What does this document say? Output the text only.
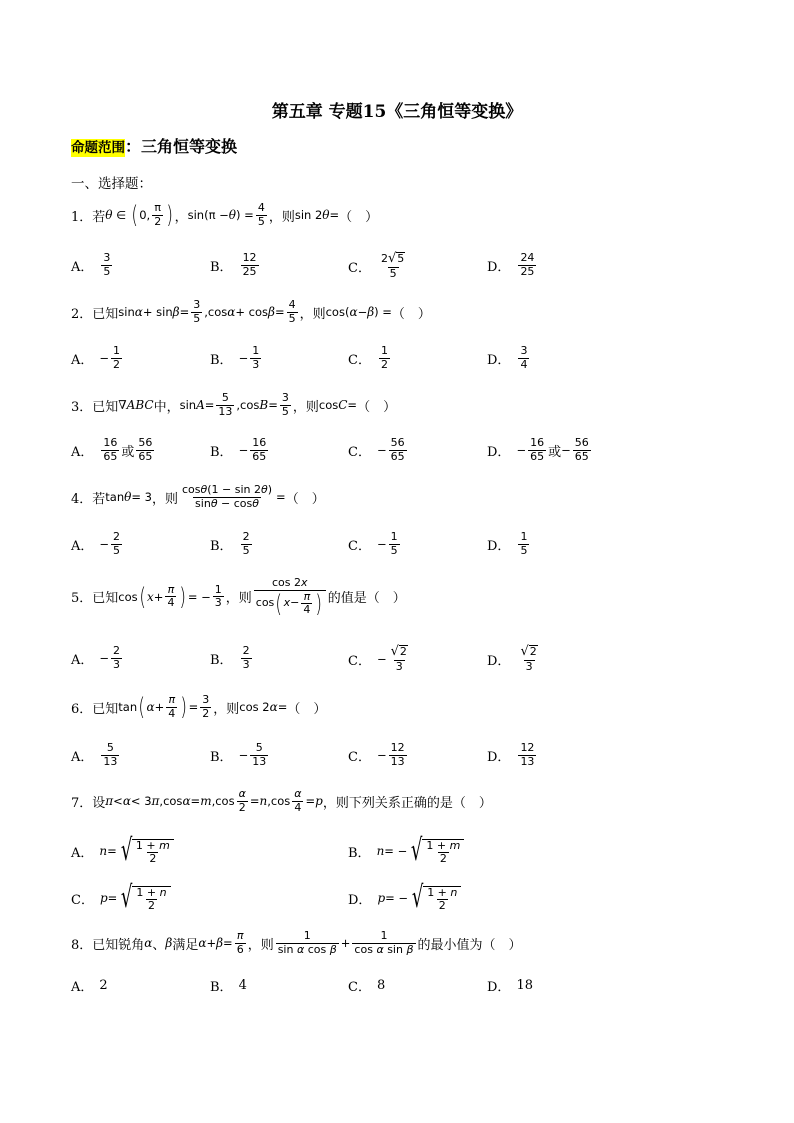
第五章 专题15《三角恒等变换》
命题范围：三角恒等变换
一、选择题：
1．若 θ ∈ ( 0, $\frac{\pi}{2}$ ) ， sin(π − θ ) = $\frac{4}{5}$ ，则 sin 2 θ = （　）
A． $\frac{3}{5}$	B． $\frac{12}{25}$	C． $\frac{2 √ 5}{5}$	D． $\frac{24}{25}$
2．已知 $\sin \alpha + \sin \beta = \frac{3}{5} ,\cos$ $\alpha + \cos \beta = \frac{4}{5}$ ，则 cos( α − β ) = （　）
A． − $\frac{1}{2}$	B． − $\frac{1}{3}$	C． $\frac{1}{2}$	D． $\frac{3}{4}$
3．已知 ∇ABC 中， $\sin A = \frac{5}{13} ,\cos$ $B = \frac{3}{5}$ ，则 cos C = （　）
A． $\frac{16}{65}$ 或 $\frac{56}{65}$	B． − $\frac{16}{65}$	C． − $\frac{56}{65}$	D． − $\frac{16}{65}$ 或 − $\frac{56}{65}$
4．若 tan θ = 3 ，则 $\frac{\cos\theta(1 - \sin 2\theta)}{\sin\theta - \cos\theta}$ = （　）
A． − $\frac{2}{5}$	B． $\frac{2}{5}$	C． − $\frac{1}{5}$	D． $\frac{1}{5}$
5．已知 cos ( $x + \frac{\pi}{4}$ ) = − $\frac{1}{3}$ ，则 $\frac{\cos 2x}{\cos ( x - \frac{\pi}{4} )}$ 的值是（　）
A． − $\frac{2}{3}$	B． $\frac{2}{3}$	C． − $\frac{√ 2}{3}$	D． $\frac{√ 2}{3}$
6．已知 tan ( $\alpha + \frac{\pi}{4}$ ) = $\frac{3}{2}$ ，则 cos 2 α = （　）
A． $\frac{5}{13}$	B． − $\frac{5}{13}$	C． − $\frac{12}{13}$	D． $\frac{12}{13}$
7．设 π < α < 3 π ,cos α = m $,\cos \frac{\alpha}{2} = n$ $,\cos \frac{\alpha}{4} = p$ ，则下列关系正确的是（　）
A． n = √ $\frac{1 + m}{2}$	B． n = − √ $\frac{1 + m}{2}$
C． p = √ $\frac{1 + n}{2}$	D． p = − √ $\frac{1 + n}{2}$
8．已知锐角 α 、 β 满足 $\alpha + \beta = \frac{\pi}{6}$ ，则 $\frac{1}{\text{sin α cos β}} + \frac{1}{\text{cos α sin β}}$ 的最小值为（　）
A． 2	B． 4	C． 8	D． 18
